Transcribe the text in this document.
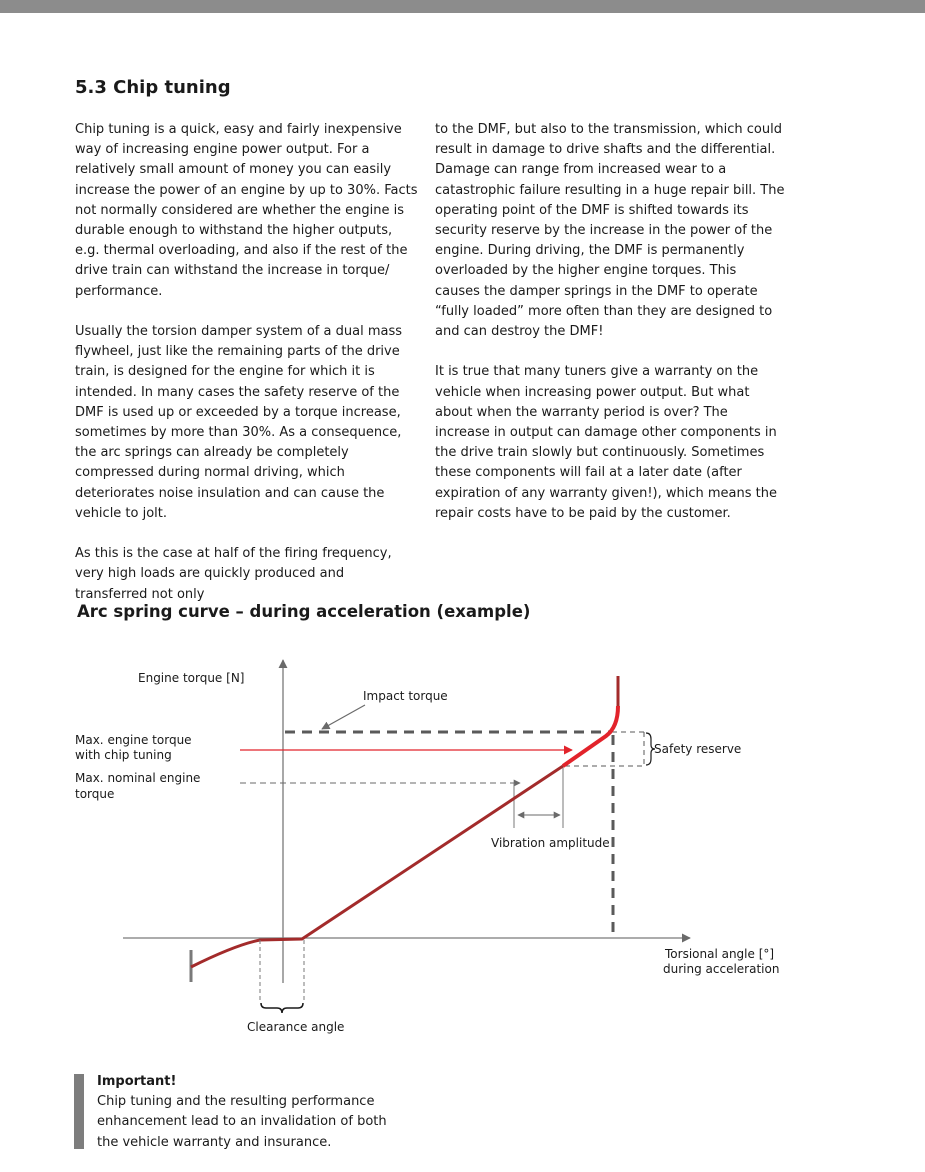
5.3 Chip tuning

Chip tuning is a quick, easy and fairly inexpensive way of increasing engine power output. For a relatively small amount of money you can easily increase the power of an engine by up to 30%. Facts not normally considered are whether the engine is durable enough to withstand the higher outputs, e.g. thermal overloading, and also if the rest of the drive train can withstand the increase in torque/ performance.

Usually the torsion damper system of a dual mass flywheel, just like the remaining parts of the drive train, is designed for the engine for which it is intended. In many cases the safety reserve of the DMF is used up or exceeded by a torque increase, sometimes by more than 30%. As a consequence, the arc springs can already be completely compressed during normal driving, which deteriorates noise insulation and can cause the vehicle to jolt.

As this is the case at half of the firing frequency, very high loads are quickly produced and transferred not only

to the DMF, but also to the transmission, which could result in damage to drive shafts and the differential. Damage can range from increased wear to a catastrophic failure resulting in a huge repair bill. The operating point of the DMF is shifted towards its security reserve by the increase in the power of the engine. During driving, the DMF is permanently overloaded by the higher engine torques. This causes the damper springs in the DMF to operate “fully loaded” more often than they are designed to and can destroy the DMF!

It is true that many tuners give a warranty on the vehicle when increasing power output. But what about when the warranty period is over? The increase in output can damage other components in the drive train slowly but continuously. Sometimes these components will fail at a later date (after expiration of any warranty given!), which means the repair costs have to be paid by the customer.

Arc spring curve – during acceleration (example)
Engine torque [N]
Impact torque
Max. engine torque
with chip tuning
Max. nominal engine
torque
Safety reserve
Vibration amplitude
Torsional angle [°]
during acceleration
Clearance angle
Important!
Chip tuning and the resulting performance enhancement lead to an invalidation of both the vehicle warranty and insurance.
